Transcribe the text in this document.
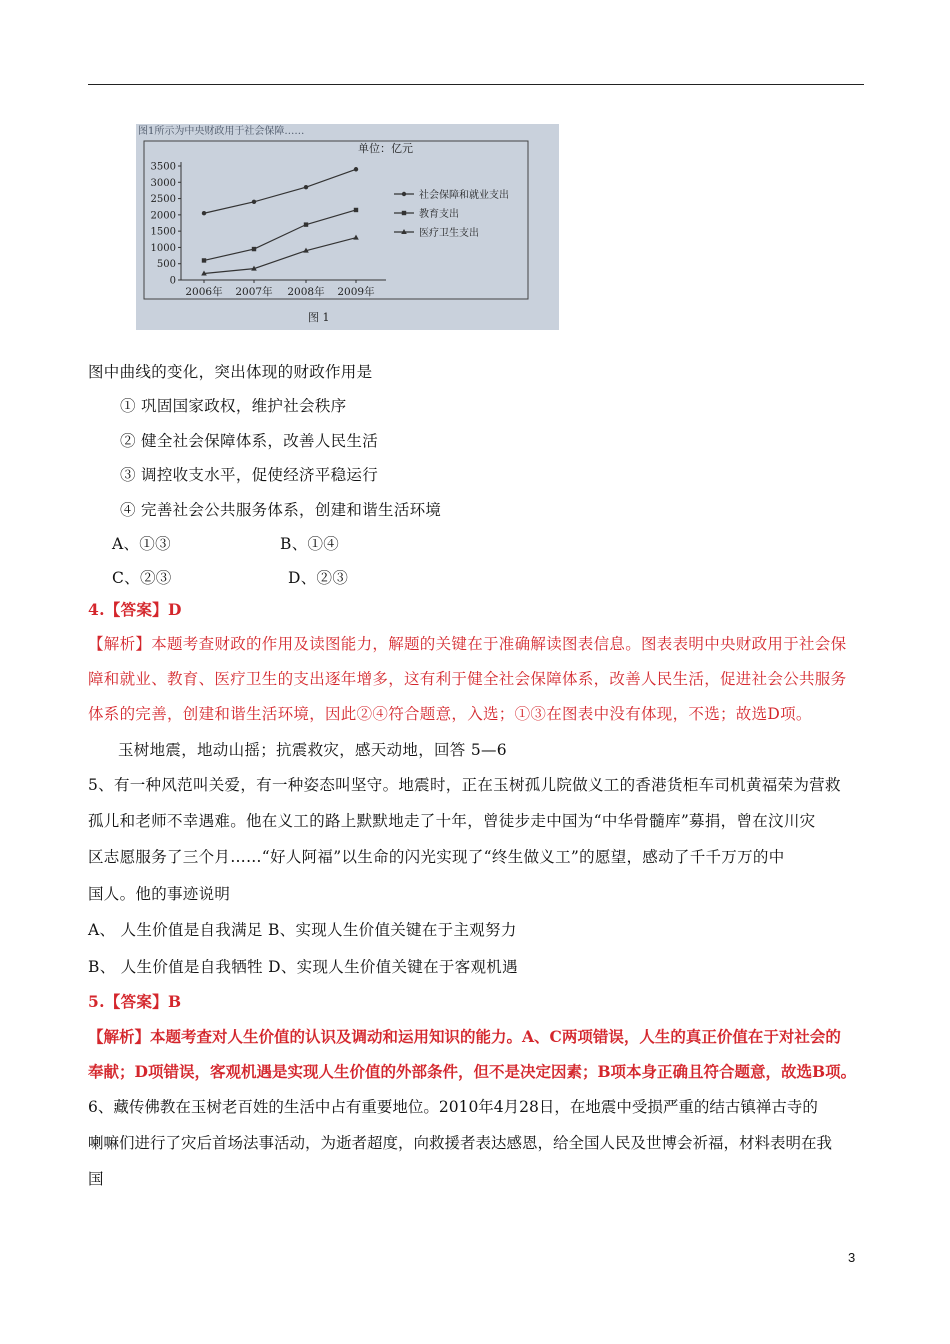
图1所示为中央财政用于社会保障……
单位：亿元
0
500
1000
1500
2000
2500
3000
3500
2006年 2007年 2008年 2009年
社会保障和就业支出
教育支出
医疗卫生支出
图 1
图中曲线的变化，突出体现的财政作用是
① 巩固国家政权，维护社会秩序
② 健全社会保障体系，改善人民生活
③ 调控收支水平，促使经济平稳运行
④ 完善社会公共服务体系，创建和谐生活环境
A、①③	B、①④
C、②③	D、②③
4.【答案】D
【解析】本题考查财政的作用及读图能力，解题的关键在于准确解读图表信息。图表表明中央财政用于社会保
障和就业、教育、医疗卫生的支出逐年增多，这有利于健全社会保障体系，改善人民生活，促进社会公共服务
体系的完善，创建和谐生活环境，因此②④符合题意，入选；①③在图表中没有体现，不选；故选D项。
玉树地震，地动山摇；抗震救灾，感天动地，回答 5—6
5、有一种风范叫关爱，有一种姿态叫坚守。地震时，正在玉树孤儿院做义工的香港货柜车司机黄福荣为营救
孤儿和老师不幸遇难。他在义工的路上默默地走了十年，曾徒步走中国为“中华骨髓库”募捐，曾在汶川灾
区志愿服务了三个月……“好人阿福”以生命的闪光实现了“终生做义工”的愿望，感动了千千万万的中
国人。他的事迹说明
A、 人生价值是自我满足 B、实现人生价值关键在于主观努力
B、 人生价值是自我牺牲 D、实现人生价值关键在于客观机遇
5.【答案】B
【解析】本题考查对人生价值的认识及调动和运用知识的能力。A、C两项错误，人生的真正价值在于对社会的
奉献；D项错误，客观机遇是实现人生价值的外部条件，但不是决定因素；B项本身正确且符合题意，故选B项。
6、藏传佛教在玉树老百姓的生活中占有重要地位。2010年4月28日，在地震中受损严重的结古镇禅古寺的
喇嘛们进行了灾后首场法事活动，为逝者超度，向救援者表达感恩，给全国人民及世博会祈福，材料表明在我
国
3
